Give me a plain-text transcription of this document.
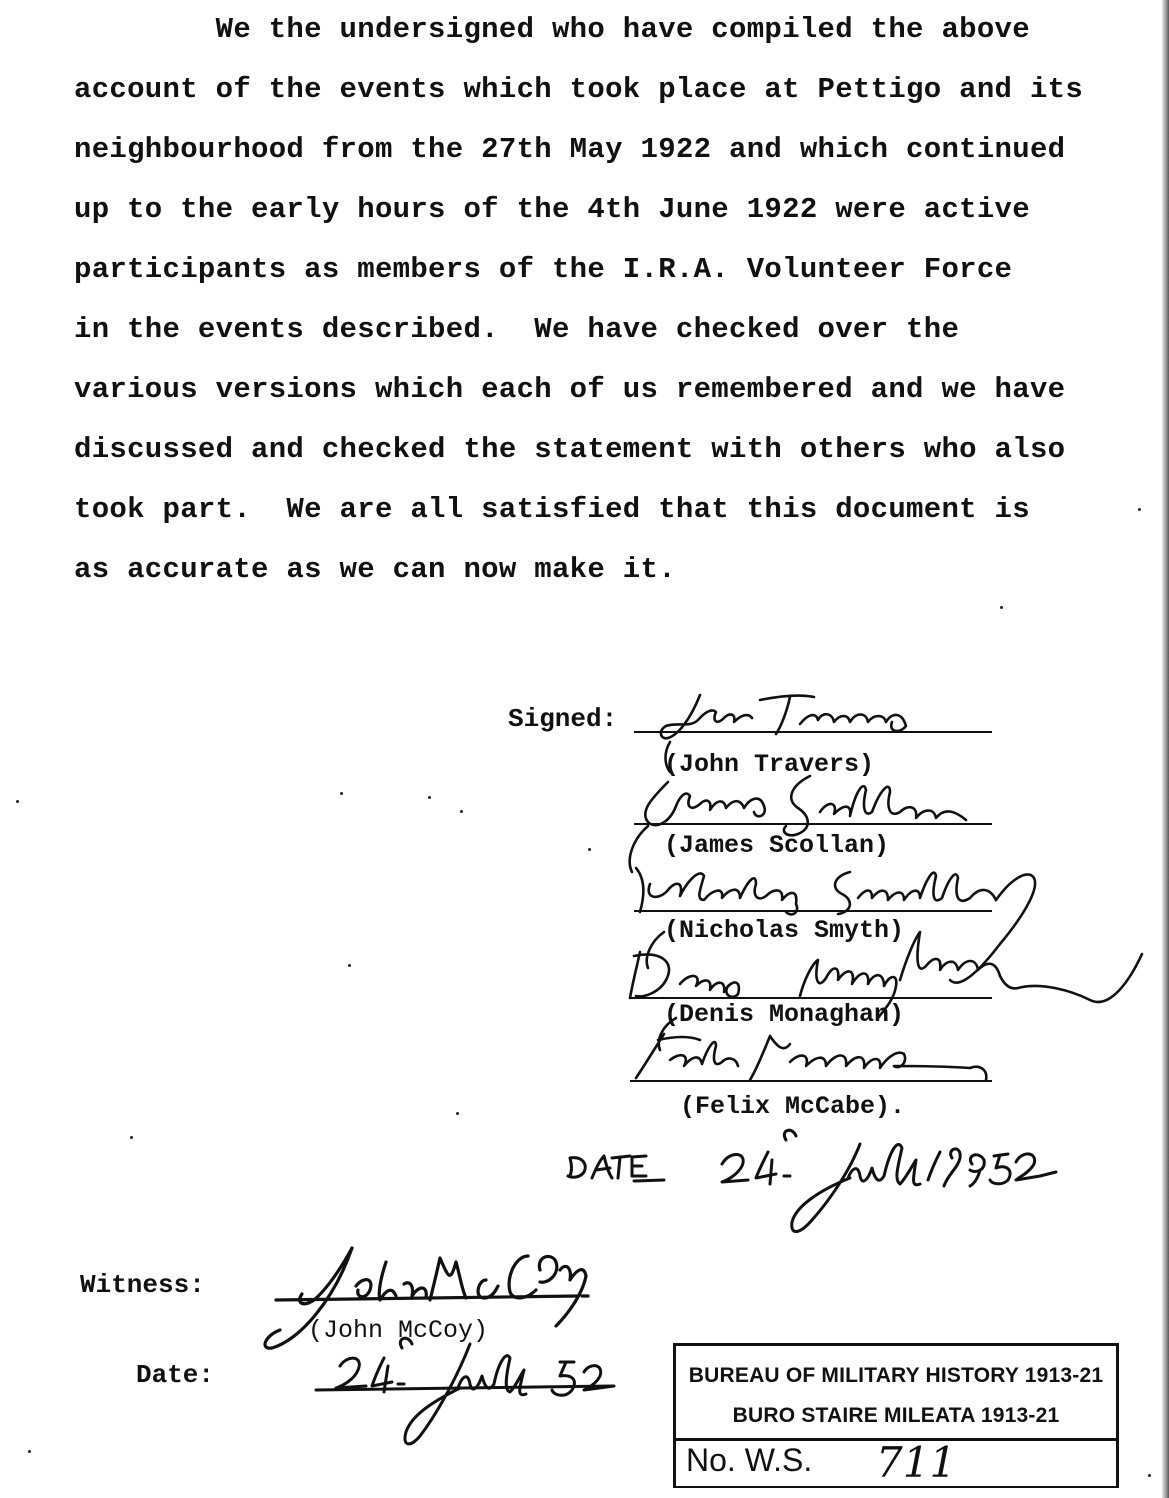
We the undersigned who have compiled the above
account of the events which took place at Pettigo and its
neighbourhood from the 27th May 1922 and which continued
up to the early hours of the 4th June 1922 were active
participants as members of the I.R.A. Volunteer Force
in the events described.  We have checked over the
various versions which each of us remembered and we have
discussed and checked the statement with others who also
took part.  We are all satisfied that this document is
as accurate as we can now make it.
Signed:
(John Travers)
(James Scollan)
(Nicholas Smyth)
(Denis Monaghan)
(Felix McCabe).
Witness:
(John McCoy)
Date:	BUREAU OF MILITARY HISTORY 1913-21
BURO STAIRE MILEATA 1913-21
No. W.S. 711
